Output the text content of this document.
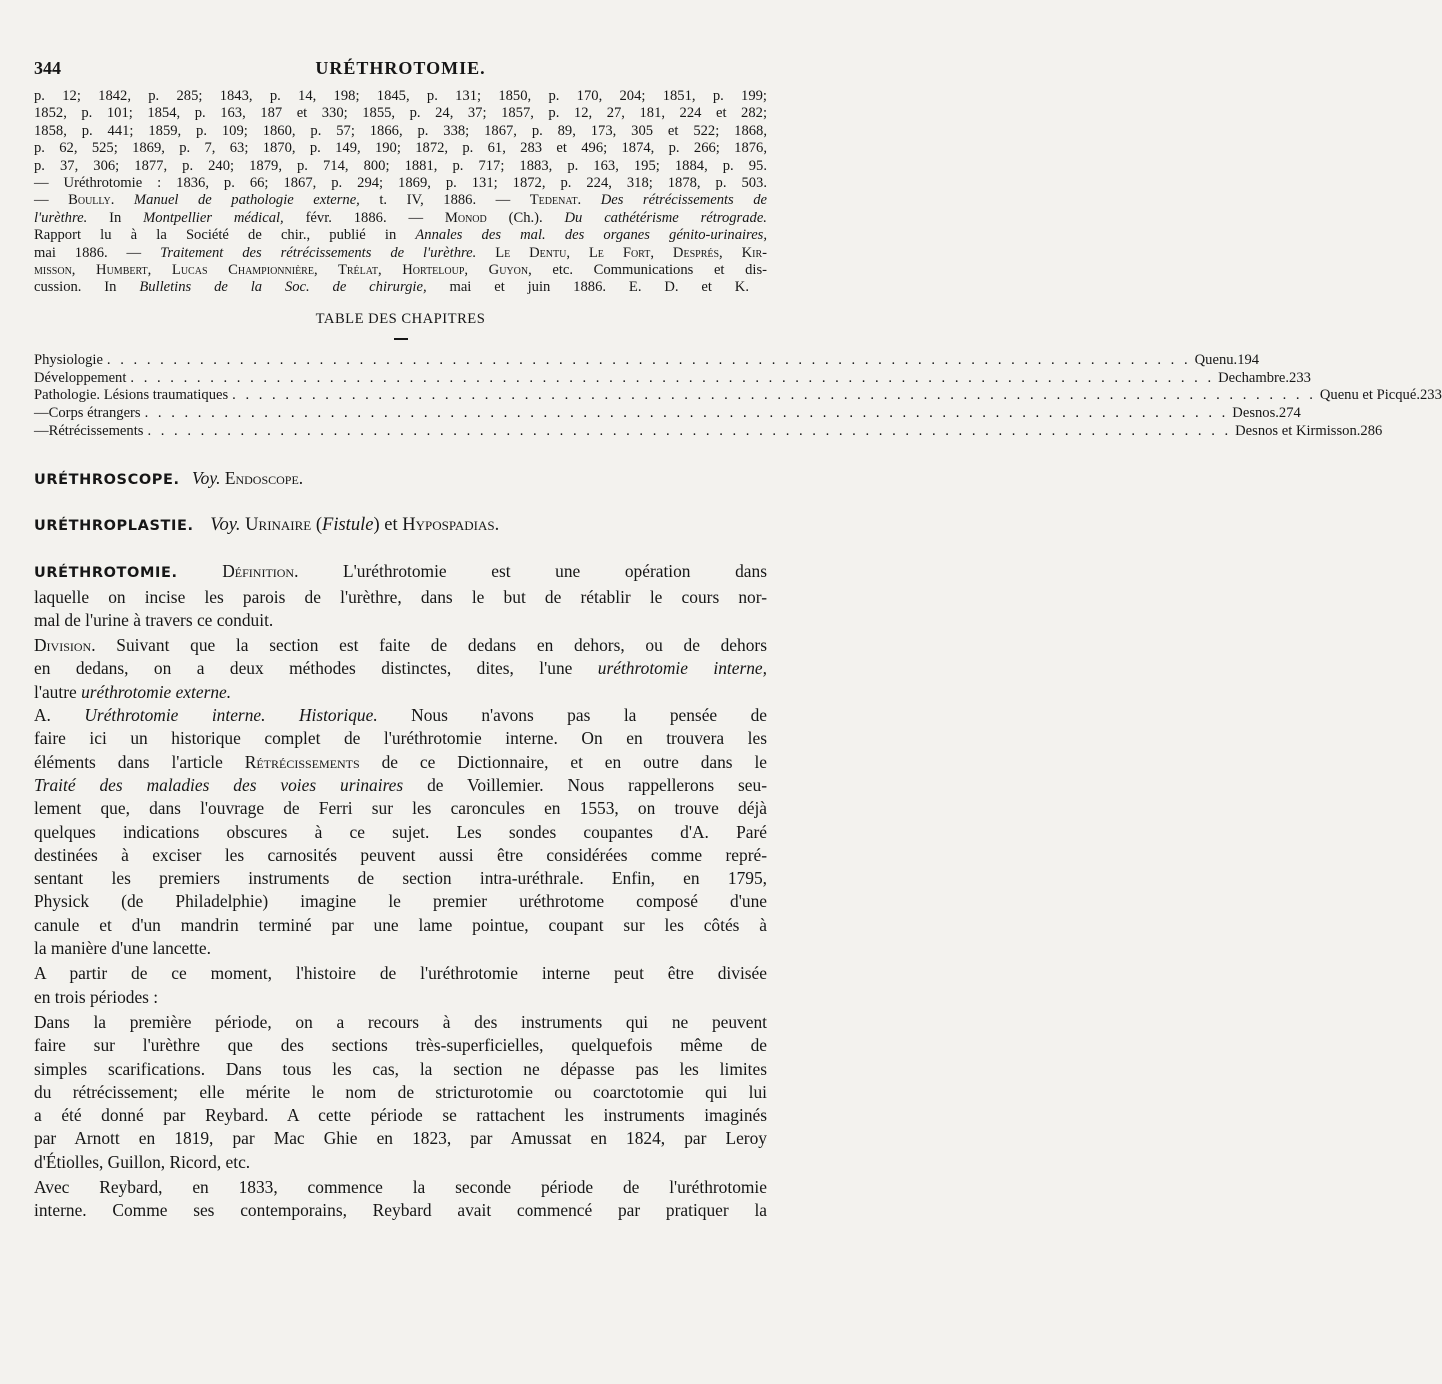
344	URÉTHROTOMIE.
p. 12; 1842, p. 285; 1843, p. 14, 198; 1845, p. 131; 1850, p. 170, 204; 1851, p. 199;
1852, p. 101; 1854, p. 163, 187 et 330; 1855, p. 24, 37; 1857, p. 12, 27, 181, 224 et 282;
1858, p. 441; 1859, p. 109; 1860, p. 57; 1866, p. 338; 1867, p. 89, 173, 305 et 522; 1868,
p. 62, 525; 1869, p. 7, 63; 1870, p. 149, 190; 1872, p. 61, 283 et 496; 1874, p. 266; 1876,
p. 37, 306; 1877, p. 240; 1879, p. 714, 800; 1881, p. 717; 1883, p. 163, 195; 1884, p. 95.
— Uréthrotomie : 1836, p. 66; 1867, p. 294; 1869, p. 131; 1872, p. 224, 318; 1878, p. 503.
— Boully. Manuel de pathologie externe, t. IV, 1886. — Tedenat. Des rétrécissements de
l'urèthre. In Montpellier médical, févr. 1886. — Monod (Ch.). Du cathétérisme rétrograde.
Rapport lu à la Société de chir., publié in Annales des mal. des organes génito-urinaires,
mai 1886. — Traitement des rétrécissements de l'urèthre. Le Dentu, Le Fort, Després, Kir-
misson, Humbert, Lucas Championnière, Trélat, Horteloup, Guyon, etc. Communications et dis-
cussion. In Bulletins de la Soc. de chirurgie, mai et juin 1886. E. D. et K.
TABLE DES CHAPITRES
Physiologie . . . . . . . . . . . . . . . . . . . . . . . . . . . . . . . . . . . . . . . . . . . . . . . . . . . . . . . . . . . . . . . . . . . . . . . . . . . . . . . . . . Quenu. 194
Développement . . . . . . . . . . . . . . . . . . . . . . . . . . . . . . . . . . . . . . . . . . . . . . . . . . . . . . . . . . . . . . . . . . . . . . . . . . . . . . . . . . Dechambre. 233
Pathologie. Lésions traumatiques . . . . . . . . . . . . . . . . . . . . . . . . . . . . . . . . . . . . . . . . . . . . . . . . . . . . . . . . . . . . . . . . . . . . . . . . . . . . . . . . . . Quenu et Picqué. 233
— Corps étrangers . . . . . . . . . . . . . . . . . . . . . . . . . . . . . . . . . . . . . . . . . . . . . . . . . . . . . . . . . . . . . . . . . . . . . . . . . . . . . . . . . . Desnos. 274
— Rétrécissements . . . . . . . . . . . . . . . . . . . . . . . . . . . . . . . . . . . . . . . . . . . . . . . . . . . . . . . . . . . . . . . . . . . . . . . . . . . . . . . . . . Desnos et Kirmisson. 286
URÉTHROSCOPE. Voy. Endoscope.
URÉTHROPLASTIE. Voy. Urinaire (Fistule) et Hypospadias.
URÉTHROTOMIE.	Définition.	L'uréthrotomie est une opération dans
laquelle on incise les parois de l'urèthre, dans le but de rétablir le cours nor-
mal de l'urine à travers ce conduit.
Division. Suivant que la section est faite de dedans en dehors, ou de dehors
en dedans, on a deux méthodes distinctes, dites, l'une uréthrotomie interne,
l'autre uréthrotomie externe.
A. Uréthrotomie interne. Historique. Nous n'avons pas la pensée de
faire ici un historique complet de l'uréthrotomie interne. On en trouvera les
éléments dans l'article Rétrécissements de ce Dictionnaire, et en outre dans le
Traité des maladies des voies urinaires de Voillemier. Nous rappellerons seu-
lement que, dans l'ouvrage de Ferri sur les caroncules en 1553, on trouve déjà
quelques indications obscures à ce sujet. Les sondes coupantes d'A. Paré
destinées à exciser les carnosités peuvent aussi être considérées comme repré-
sentant les premiers instruments de section intra-uréthrale. Enfin, en 1795,
Physick (de Philadelphie) imagine le premier uréthrotome composé d'une
canule et d'un mandrin terminé par une lame pointue, coupant sur les côtés à
la manière d'une lancette.
A partir de ce moment, l'histoire de l'uréthrotomie interne peut être divisée
en trois périodes :
Dans la première période, on a recours à des instruments qui ne peuvent
faire sur l'urèthre que des sections très-superficielles, quelquefois même de
simples scarifications. Dans tous les cas, la section ne dépasse pas les limites
du rétrécissement; elle mérite le nom de stricturotomie ou coarctotomie qui lui
a été donné par Reybard. A cette période se rattachent les instruments imaginés
par Arnott en 1819, par Mac Ghie en 1823, par Amussat en 1824, par Leroy
d'Étiolles, Guillon, Ricord, etc.
Avec Reybard, en 1833, commence la seconde période de l'uréthrotomie
interne. Comme ses contemporains, Reybard avait commencé par pratiquer la
